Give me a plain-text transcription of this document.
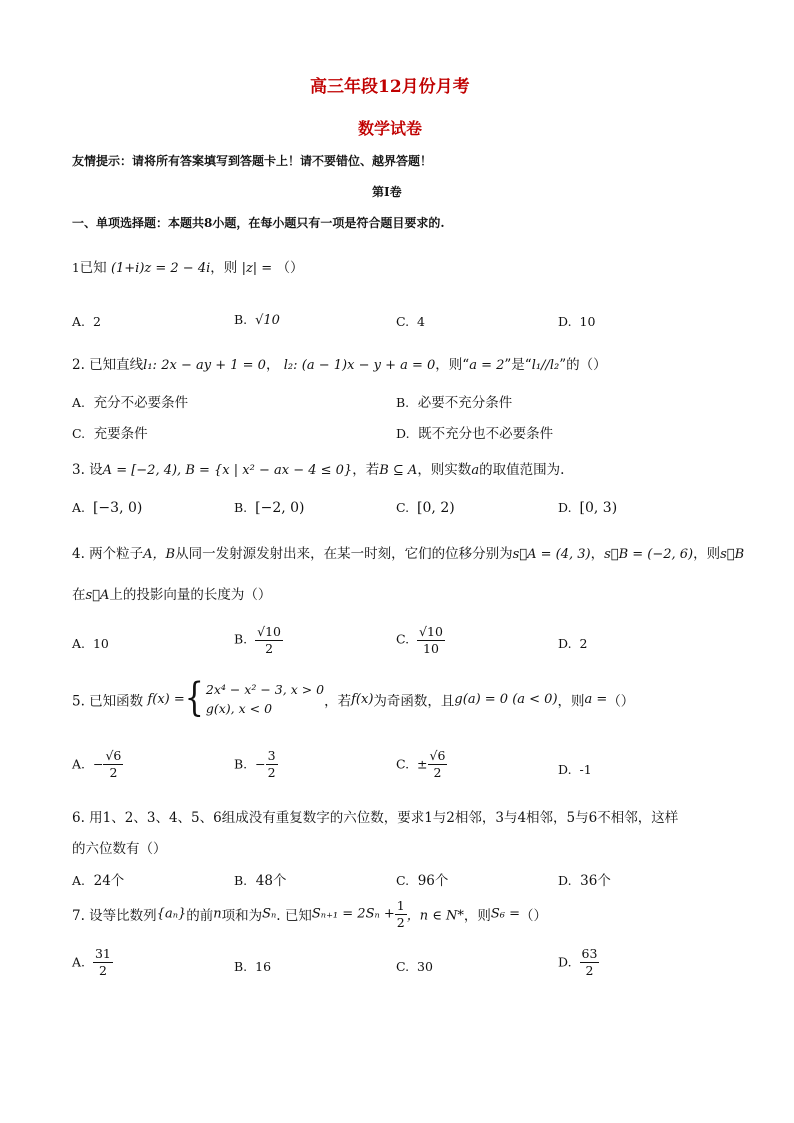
高三年段12月份月考
数学试卷
友情提示：请将所有答案填写到答题卡上！请不要错位、越界答题！
第Ⅰ卷
一、单项选择题：本题共8小题，在每小题只有一项是符合题目要求的.
1已知 (1+i)z = 2 − 4i，则 |z| = （）
A. 2	B. √10	C. 4	D. 10
2. 已知直线l₁: 2x − ay + 1 = 0， l₂: (a − 1)x − y + a = 0，则“a = 2”是“l₁//l₂”的（）
A. 充分不必要条件	B. 必要不充分条件
C. 充要条件	D. 既不充分也不必要条件
3. 设A = [−2, 4), B = {x | x² − ax − 4 ≤ 0}，若B ⊆ A，则实数a的取值范围为.
A. [−3, 0)	B. [−2, 0)	C. [0, 2)	D. [0, 3)
4. 两个粒子A，B从同一发射源发射出来，在某一时刻，它们的位移分别为s⃗A = (4, 3)，s⃗B = (−2, 6)，则s⃗B
在s⃗A上的投影向量的长度为（）
A. 10	B. $\frac{√10}{2}$	C. $\frac{√10}{10}$	D. 2
5. 已知函数 f(x) ={ 2x⁴ − x² − 3, x > 0
g(x), x < 0	，若f(x)为奇函数，且g(a) = 0 (a < 0)，则a =（）
A. − $\frac{√6}{2}$	B. − $\frac{3}{2}$	C. ± $\frac{√6}{2}$	D. -1
6. 用1、2、3、4、5、6组成没有重复数字的六位数，要求1与2相邻，3与4相邻，5与6不相邻，这样
的六位数有（）
A. 24个	B. 48个	C. 96个	D. 36个
7. 设等比数列{aₙ}的前n项和为Sₙ. 已知$S_{n+1} = 2S_n + \frac{1}{2}$ ，n ∈ N*，则S₆ =（）
A. $\frac{31}{2}$	B. 16	C. 30	D. $\frac{63}{2}$
